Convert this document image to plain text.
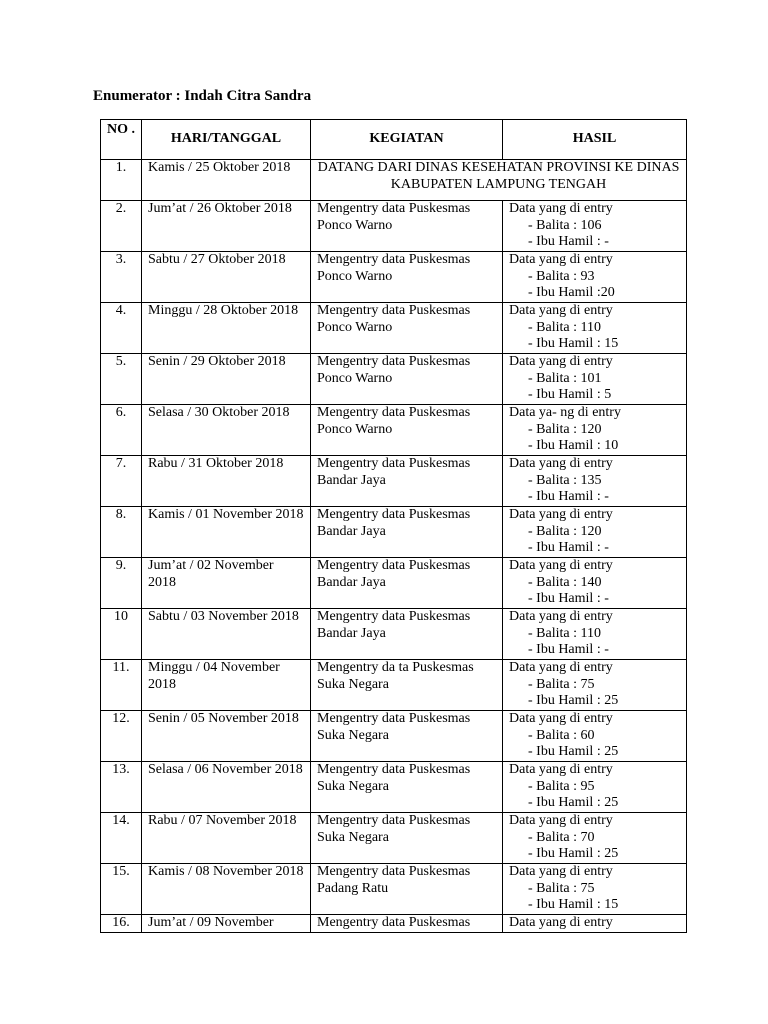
Enumerator : Indah Citra Sandra
NO .	HARI/TANGGAL	KEGIATAN	HASIL
1.	Kamis / 25 Oktober 2018	DATANG DARI DINAS KESEHATAN PROVINSI KE DINAS KABUPATEN LAMPUNG TENGAH	
2.	Jum’at / 26 Oktober 2018	Mengentry data Puskesmas Ponco Warno	Data yang di entry
- Balita : 106
- Ibu Hamil : -

3.	Sabtu / 27 Oktober 2018	Mengentry data Puskesmas Ponco Warno	Data yang di entry
- Balita : 93
- Ibu Hamil :20

4.	Minggu / 28 Oktober 2018	Mengentry data Puskesmas Ponco Warno	Data yang di entry
- Balita : 110
- Ibu Hamil : 15

5.	Senin / 29 Oktober 2018	Mengentry data Puskesmas Ponco Warno	Data yang di entry
- Balita : 101
- Ibu Hamil : 5

6.	Selasa / 30 Oktober 2018	Mengentry data Puskesmas Ponco Warno	Data ya- ng di entry
- Balita : 120
- Ibu Hamil : 10

7.	Rabu / 31 Oktober 2018	Mengentry data Puskesmas Bandar Jaya	Data yang di entry
- Balita : 135
- Ibu Hamil : -

8.	Kamis / 01 November 2018	Mengentry data Puskesmas Bandar Jaya	Data yang di entry
- Balita : 120
- Ibu Hamil : -

9.	Jum’at / 02 November 2018	Mengentry data Puskesmas Bandar Jaya	Data yang di entry
- Balita : 140
- Ibu Hamil : -

10	Sabtu / 03 November 2018	Mengentry data Puskesmas Bandar Jaya	Data yang di entry
- Balita : 110
- Ibu Hamil : -

11.	Minggu / 04 November 2018	Mengentry da ta Puskesmas Suka Negara	Data yang di entry
- Balita : 75
- Ibu Hamil : 25

12.	Senin / 05 November 2018	Mengentry data Puskesmas Suka Negara	Data yang di entry
- Balita : 60
- Ibu Hamil : 25

13.	Selasa / 06 November 2018	Mengentry data Puskesmas Suka Negara	Data yang di entry
- Balita : 95
- Ibu Hamil : 25

14.	Rabu / 07 November 2018	Mengentry data Puskesmas Suka Negara	Data yang di entry
- Balita : 70
- Ibu Hamil : 25

15.	Kamis / 08 November 2018	Mengentry data Puskesmas Padang Ratu	Data yang di entry
- Balita : 75
- Ibu Hamil : 15

16.	Jum’at / 09 November	Mengentry data Puskesmas	Data yang di entry
